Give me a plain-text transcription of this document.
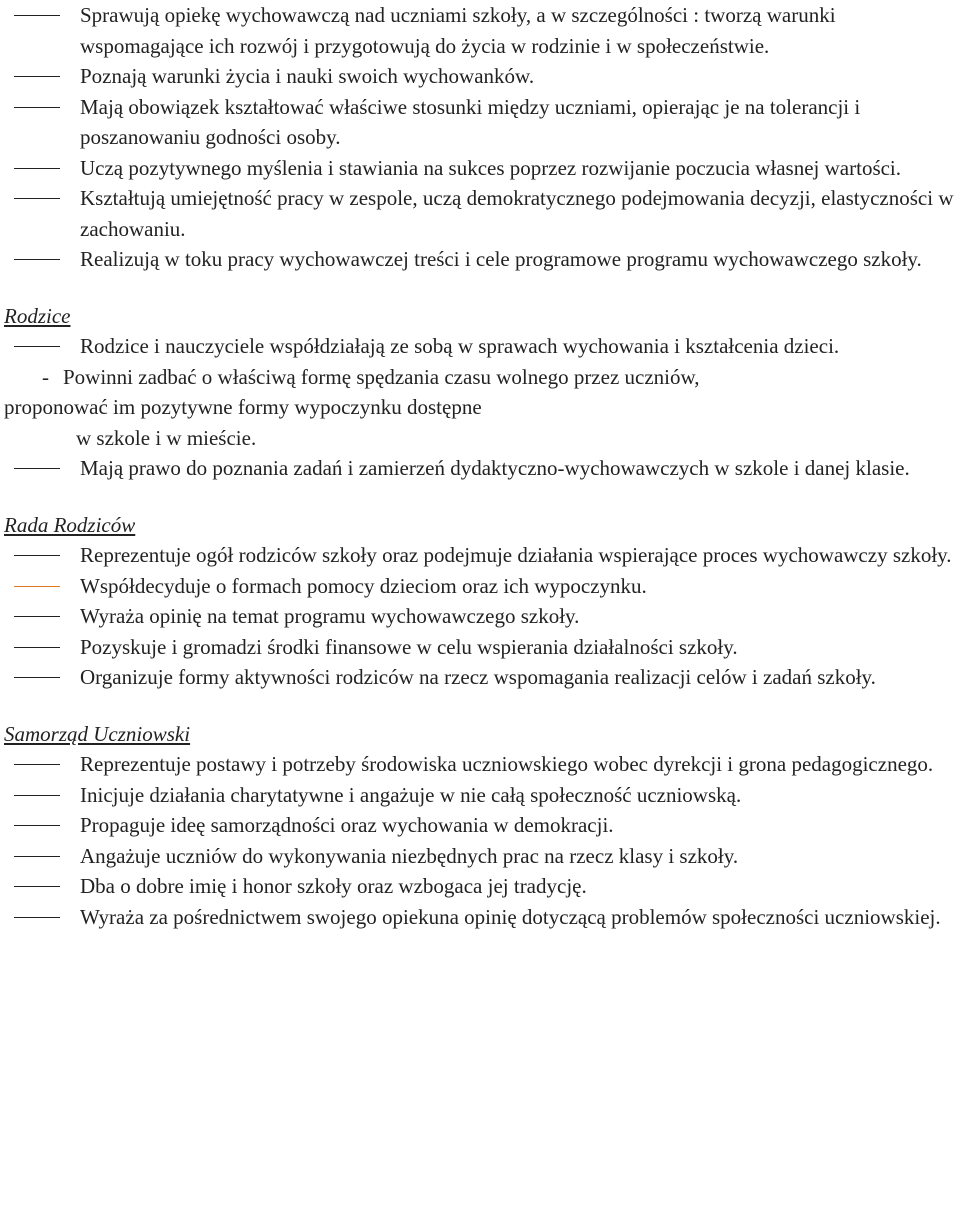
Sprawują opiekę wychowawczą nad uczniami szkoły, a w szczególności : tworzą warunki wspomagające ich rozwój i przygotowują do życia w rodzinie i w społeczeństwie.
Poznają warunki życia i nauki swoich wychowanków.
Mają obowiązek kształtować właściwe stosunki między uczniami, opierając je na tolerancji i poszanowaniu godności osoby.
Uczą pozytywnego myślenia i stawiania na sukces poprzez rozwijanie poczucia własnej wartości.
Kształtują umiejętność pracy w zespole, uczą demokratycznego podejmowania decyzji, elastyczności w zachowaniu.
Realizują w toku pracy wychowawczej treści i cele programowe programu wychowawczego szkoły.
Rodzice
Rodzice i nauczyciele współdziałają ze sobą w sprawach wychowania i kształcenia dzieci.
- Powinni zadbać o właściwą formę spędzania czasu wolnego przez uczniów,
proponować im pozytywne formy wypoczynku dostępne
w szkole i w mieście.
Mają prawo do poznania zadań i zamierzeń dydaktyczno-wychowawczych w szkole i danej klasie.
Rada Rodziców
Reprezentuje ogół rodziców szkoły oraz podejmuje działania wspierające proces wychowawczy szkoły.
Współdecyduje o formach pomocy dzieciom oraz ich wypoczynku.
Wyraża opinię na temat programu wychowawczego szkoły.
Pozyskuje i gromadzi środki finansowe w celu wspierania działalności szkoły.
Organizuje formy aktywności rodziców na rzecz wspomagania realizacji celów i zadań szkoły.
Samorząd Uczniowski
Reprezentuje postawy i potrzeby środowiska uczniowskiego wobec dyrekcji i grona pedagogicznego.
Inicjuje działania charytatywne i angażuje w nie całą społeczność uczniowską.
Propaguje ideę samorządności oraz wychowania w demokracji.
Angażuje uczniów do wykonywania niezbędnych prac na rzecz klasy i szkoły.
Dba o dobre imię i honor szkoły oraz wzbogaca jej tradycję.
Wyraża za pośrednictwem swojego opiekuna opinię dotyczącą problemów społeczności uczniowskiej.
